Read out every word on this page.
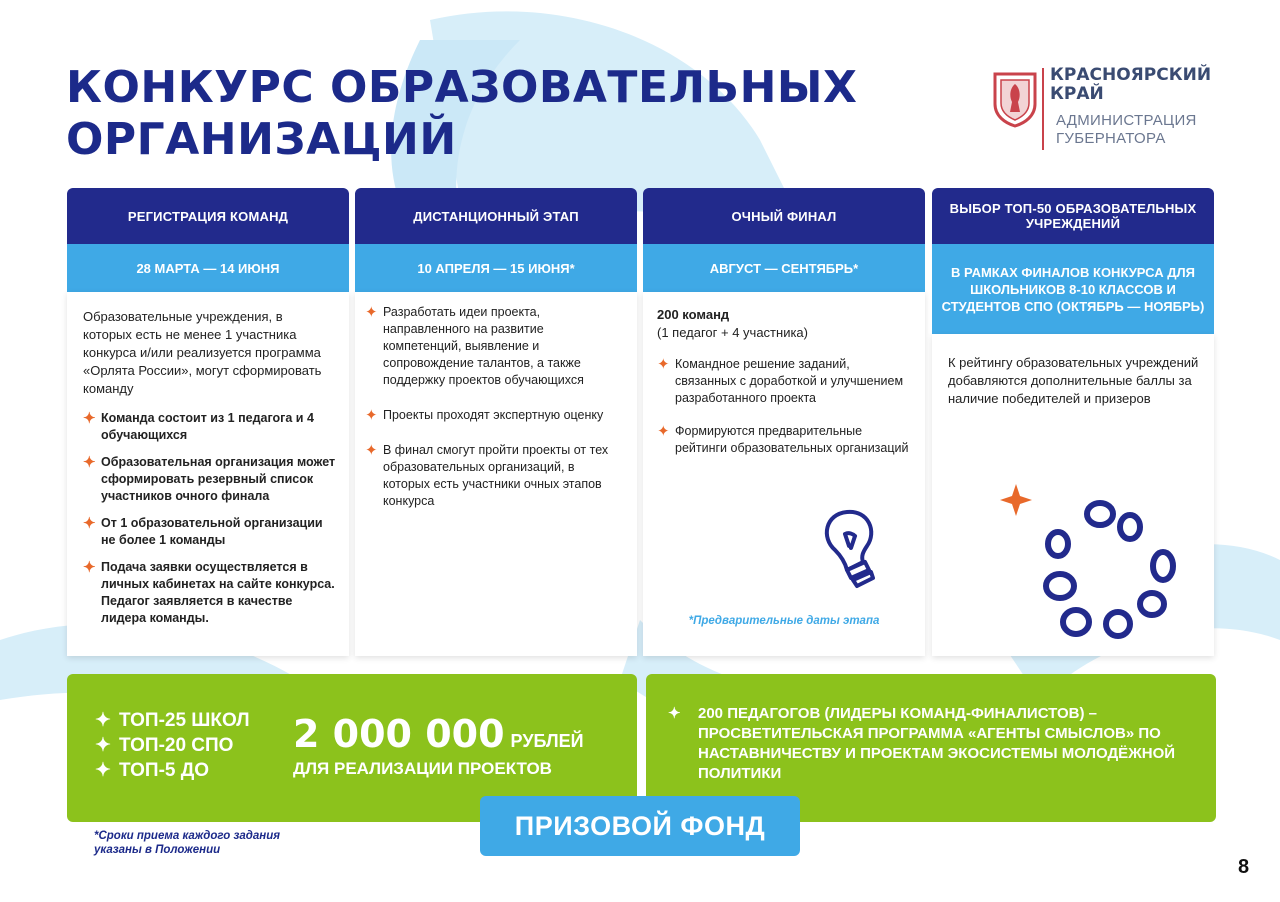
КОНКУРС ОБРАЗОВАТЕЛЬНЫХ
ОРГАНИЗАЦИЙ
КРАСНОЯРСКИЙ
КРАЙ
АДМИНИСТРАЦИЯ
ГУБЕРНАТОРА
РЕГИСТРАЦИЯ КОМАНД
28 МАРТА — 14 ИЮНЯ
Образовательные учреждения, в которых есть не менее 1 участника конкурса и/или реализуется программа «Орлята России», могут сформировать команду
✦ Команда состоит из 1 педагога и 4 обучающихся
✦ Образовательная организация может сформировать резервный список участников очного финала
✦ От 1 образовательной организации не более 1 команды
✦ Подача заявки осуществляется в личных кабинетах на сайте конкурса. Педагог заявляется в качестве лидера команды.
ДИСТАНЦИОННЫЙ ЭТАП
10 АПРЕЛЯ — 15 ИЮНЯ*
✦ Разработать идеи проекта, направленного на развитие компетенций, выявление и сопровождение талантов, а также поддержку проектов обучающихся
✦ Проекты проходят экспертную оценку
✦ В финал смогут пройти проекты от тех образовательных организаций, в которых есть участники очных этапов конкурса
ОЧНЫЙ ФИНАЛ
АВГУСТ — СЕНТЯБРЬ*
200 команд
(1 педагог + 4 участника)
✦ Командное решение заданий, связанных с доработкой и улучшением разработанного проекта
✦ Формируются предварительные рейтинги образовательных организаций
*Предварительные даты этапа
ВЫБОР ТОП-50 ОБРАЗОВАТЕЛЬНЫХ УЧРЕЖДЕНИЙ
В РАМКАХ ФИНАЛОВ КОНКУРСА ДЛЯ ШКОЛЬНИКОВ 8-10 КЛАССОВ И СТУДЕНТОВ СПО (ОКТЯБРЬ — НОЯБРЬ)
К рейтингу образовательных учреждений добавляются дополнительные баллы за наличие победителей и призеров
✦ ТОП-25 ШКОЛ
✦ ТОП-20 СПО
✦ ТОП-5 ДО
2 000 000 РУБЛЕЙ
ДЛЯ РЕАЛИЗАЦИИ ПРОЕКТОВ
✦	200 ПЕДАГОГОВ (ЛИДЕРЫ КОМАНД-ФИНАЛИСТОВ) – ПРОСВЕТИТЕЛЬСКАЯ ПРОГРАММА «АГЕНТЫ СМЫСЛОВ» ПО НАСТАВНИЧЕСТВУ И ПРОЕКТАМ ЭКОСИСТЕМЫ МОЛОДЁЖНОЙ ПОЛИТИКИ
ПРИЗОВОЙ ФОНД
*Сроки приема каждого задания
указаны в Положении
8
